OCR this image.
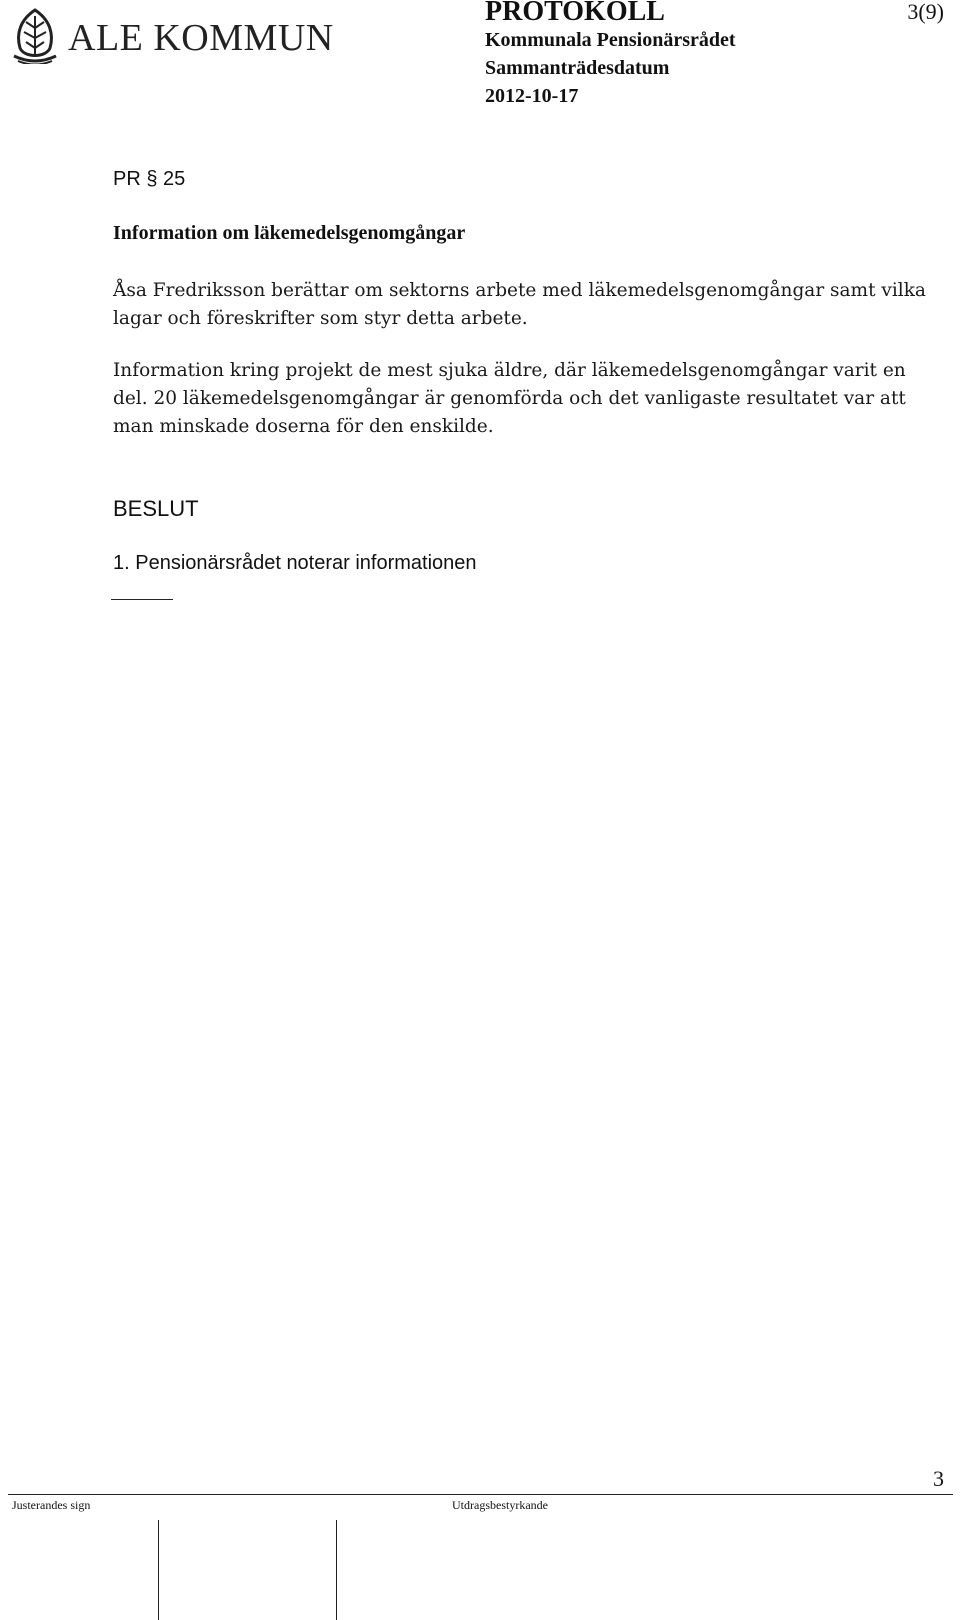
ALE KOMMUN
PROTOKOLL	3(9)
Kommunala Pensionärsrådet
Sammanträdesdatum
2012-10-17
PR § 25
Information om läkemedelsgenomgångar
Åsa Fredriksson berättar om sektorns arbete med läkemedelsgenomgångar samt vilka lagar och föreskrifter som styr detta arbete.
Information kring projekt de mest sjuka äldre, där läkemedelsgenomgångar varit en del. 20 läkemedelsgenomgångar är genomförda och det vanligaste resultatet var att man minskade doserna för den enskilde.
BESLUT
1. Pensionärsrådet noterar informationen
3
Justerandes sign	Utdragsbestyrkande
